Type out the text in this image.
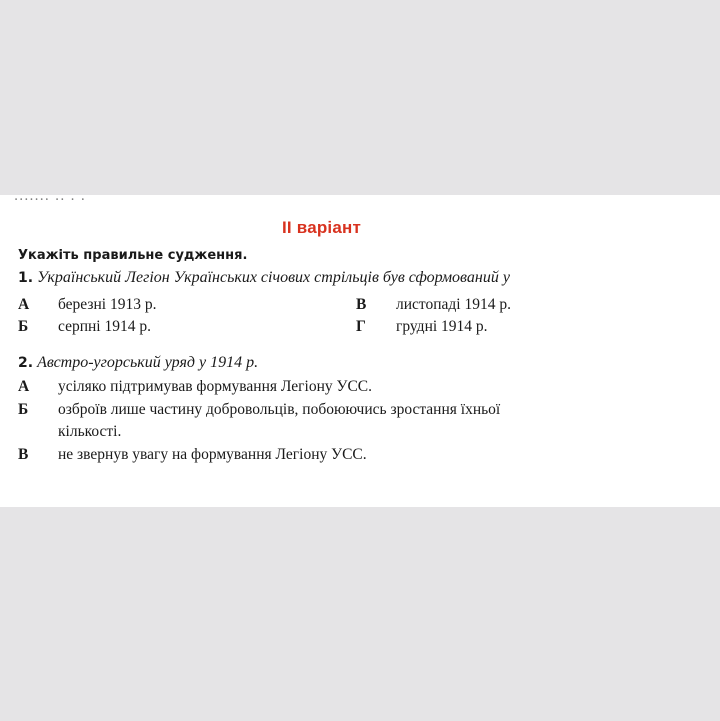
....... .. . .
II варіант
Укажіть правильне судження.
1. Український Легіон Українських січових стрільців був сформований у
А березні 1913 р.
Б серпні 1914 р.
В листопаді 1914 р.
Г грудні 1914 р.
2. Австро-угорський уряд у 1914 р.
А усіляко підтримував формування Легіону УСС.
Б озброїв лише частину добровольців, побоюючись зростання їхньої
кількості.
В не звернув увагу на формування Легіону УСС.
